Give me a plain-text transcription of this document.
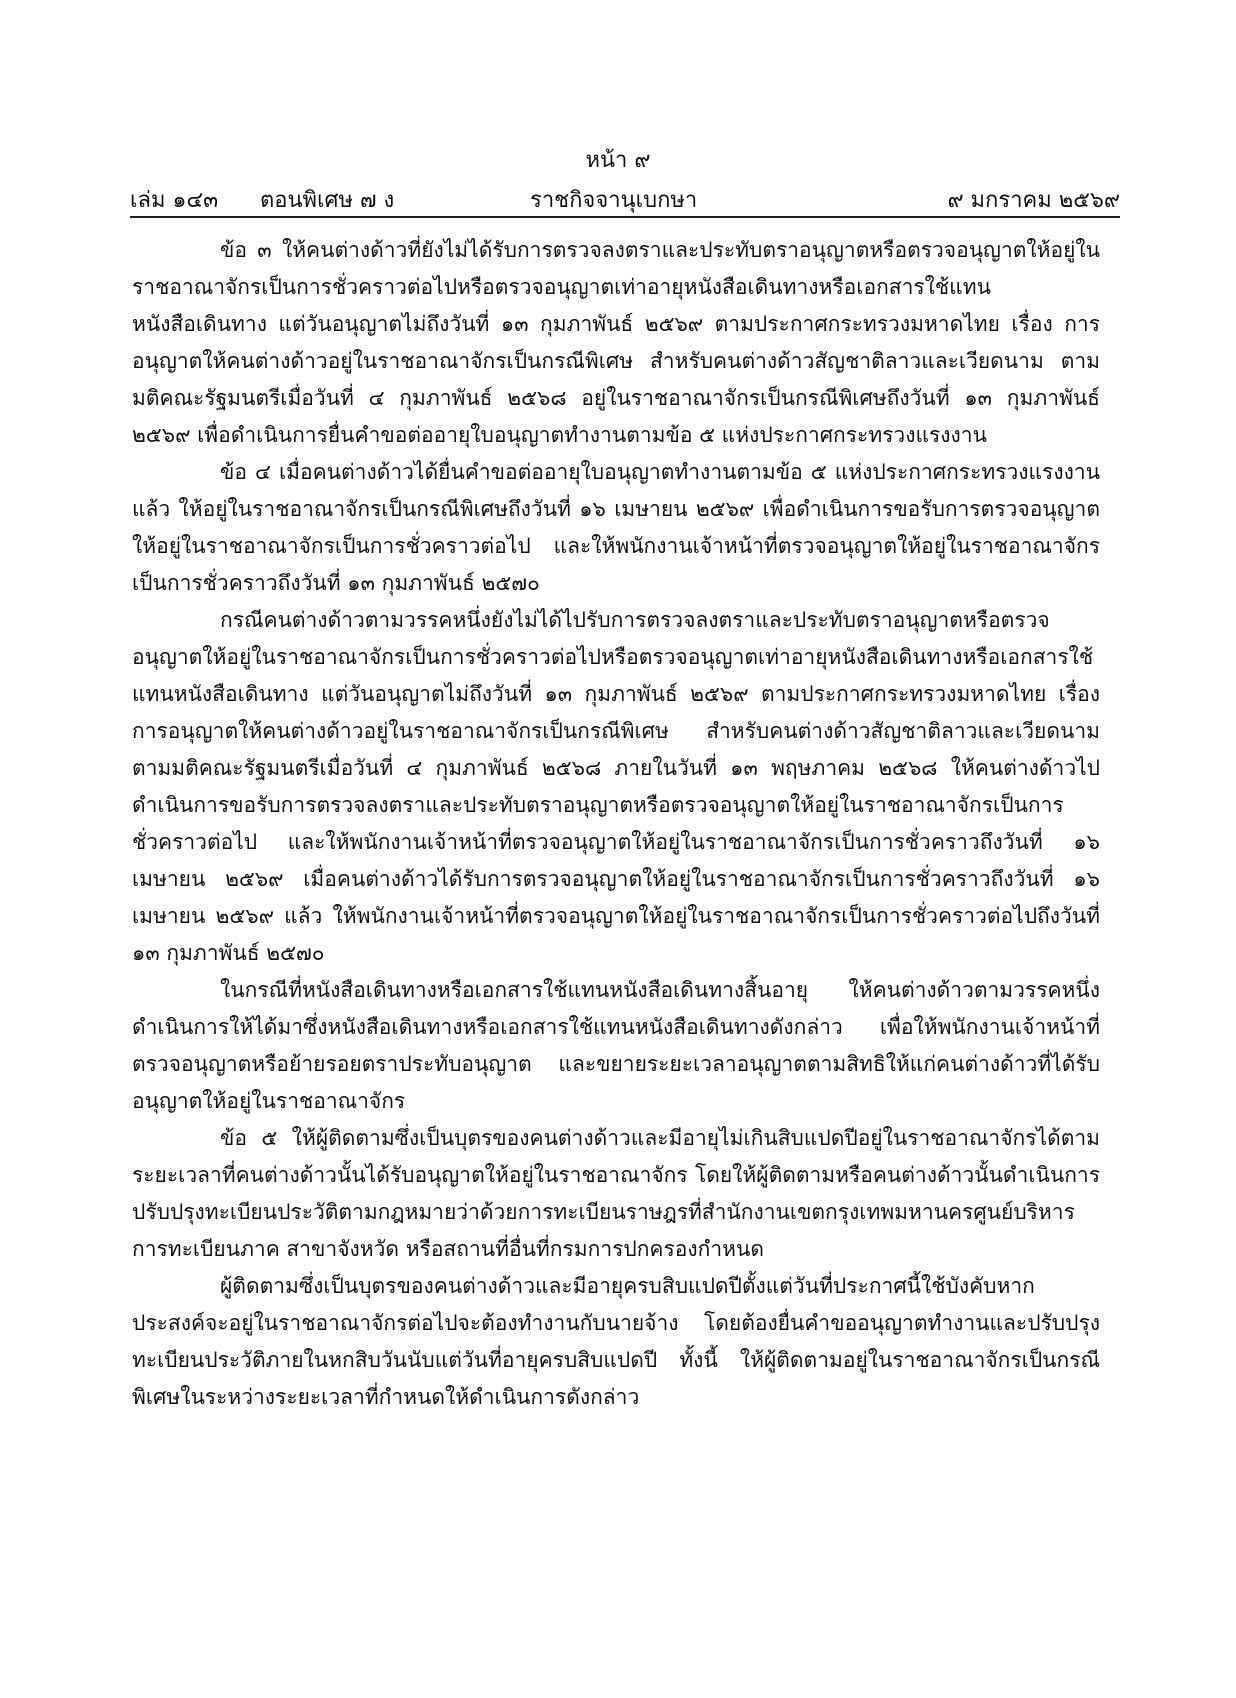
หน้า ๙
เล่ม ๑๔๓ ตอนพิเศษ ๗ ง	ราชกิจจานุเบกษา	๙ มกราคม ๒๕๖๙

ข้อ ๓ ให้คนต่างด้าวที่ยังไม่ได้รับการตรวจลงตราและประทับตราอนุญาตหรือตรวจอนุญาตให้อยู่ในราชอาณาจักรเป็นการชั่วคราวต่อไปหรือตรวจอนุญาตเท่าอายุหนังสือเดินทางหรือเอกสารใช้แทนหนังสือเดินทาง แต่วันอนุญาตไม่ถึงวันที่ ๑๓ กุมภาพันธ์ ๒๕๖๙ ตามประกาศกระทรวงมหาดไทย เรื่อง การอนุญาตให้คนต่างด้าวอยู่ในราชอาณาจักรเป็นกรณีพิเศษ สำหรับคนต่างด้าวสัญชาติลาวและเวียดนาม ตามมติคณะรัฐมนตรีเมื่อวันที่ ๔ กุมภาพันธ์ ๒๕๖๘ อยู่ในราชอาณาจักรเป็นกรณีพิเศษถึงวันที่ ๑๓ กุมภาพันธ์ ๒๕๖๙ เพื่อดำเนินการยื่นคำขอต่ออายุใบอนุญาตทำงานตามข้อ ๕ แห่งประกาศกระทรวงแรงงาน

ข้อ ๔ เมื่อคนต่างด้าวได้ยื่นคำขอต่ออายุใบอนุญาตทำงานตามข้อ ๕ แห่งประกาศกระทรวงแรงงานแล้ว ให้อยู่ในราชอาณาจักรเป็นกรณีพิเศษถึงวันที่ ๑๖ เมษายน ๒๕๖๙ เพื่อดำเนินการขอรับการตรวจอนุญาตให้อยู่ในราชอาณาจักรเป็นการชั่วคราวต่อไป และให้พนักงานเจ้าหน้าที่ตรวจอนุญาตให้อยู่ในราชอาณาจักรเป็นการชั่วคราวถึงวันที่ ๑๓ กุมภาพันธ์ ๒๕๗๐

กรณีคนต่างด้าวตามวรรคหนึ่งยังไม่ได้ไปรับการตรวจลงตราและประทับตราอนุญาตหรือตรวจอนุญาตให้อยู่ในราชอาณาจักรเป็นการชั่วคราวต่อไปหรือตรวจอนุญาตเท่าอายุหนังสือเดินทางหรือเอกสารใช้แทนหนังสือเดินทาง แต่วันอนุญาตไม่ถึงวันที่ ๑๓ กุมภาพันธ์ ๒๕๖๙ ตามประกาศกระทรวงมหาดไทย เรื่อง การอนุญาตให้คนต่างด้าวอยู่ในราชอาณาจักรเป็นกรณีพิเศษ สำหรับคนต่างด้าวสัญชาติลาวและเวียดนาม ตามมติคณะรัฐมนตรีเมื่อวันที่ ๔ กุมภาพันธ์ ๒๕๖๘ ภายในวันที่ ๑๓ พฤษภาคม ๒๕๖๘ ให้คนต่างด้าวไปดำเนินการขอรับการตรวจลงตราและประทับตราอนุญาตหรือตรวจอนุญาตให้อยู่ในราชอาณาจักรเป็นการชั่วคราวต่อไป และให้พนักงานเจ้าหน้าที่ตรวจอนุญาตให้อยู่ในราชอาณาจักรเป็นการชั่วคราวถึงวันที่ ๑๖ เมษายน ๒๕๖๙ เมื่อคนต่างด้าวได้รับการตรวจอนุญาตให้อยู่ในราชอาณาจักรเป็นการชั่วคราวถึงวันที่ ๑๖ เมษายน ๒๕๖๙ แล้ว ให้พนักงานเจ้าหน้าที่ตรวจอนุญาตให้อยู่ในราชอาณาจักรเป็นการชั่วคราวต่อไปถึงวันที่ ๑๓ กุมภาพันธ์ ๒๕๗๐

ในกรณีที่หนังสือเดินทางหรือเอกสารใช้แทนหนังสือเดินทางสิ้นอายุ ให้คนต่างด้าวตามวรรคหนึ่งดำเนินการให้ได้มาซึ่งหนังสือเดินทางหรือเอกสารใช้แทนหนังสือเดินทางดังกล่าว เพื่อให้พนักงานเจ้าหน้าที่ตรวจอนุญาตหรือย้ายรอยตราประทับอนุญาต และขยายระยะเวลาอนุญาตตามสิทธิให้แก่คนต่างด้าวที่ได้รับอนุญาตให้อยู่ในราชอาณาจักร

ข้อ ๕ ให้ผู้ติดตามซึ่งเป็นบุตรของคนต่างด้าวและมีอายุไม่เกินสิบแปดปีอยู่ในราชอาณาจักรได้ตามระยะเวลาที่คนต่างด้าวนั้นได้รับอนุญาตให้อยู่ในราชอาณาจักร โดยให้ผู้ติดตามหรือคนต่างด้าวนั้นดำเนินการปรับปรุงทะเบียนประวัติตามกฎหมายว่าด้วยการทะเบียนราษฎรที่สำนักงานเขตกรุงเทพมหานครศูนย์บริหารการทะเบียนภาค สาขาจังหวัด หรือสถานที่อื่นที่กรมการปกครองกำหนด

ผู้ติดตามซึ่งเป็นบุตรของคนต่างด้าวและมีอายุครบสิบแปดปีตั้งแต่วันที่ประกาศนี้ใช้บังคับหากประสงค์จะอยู่ในราชอาณาจักรต่อไปจะต้องทำงานกับนายจ้าง โดยต้องยื่นคำขออนุญาตทำงานและปรับปรุงทะเบียนประวัติภายในหกสิบวันนับแต่วันที่อายุครบสิบแปดปี ทั้งนี้ ให้ผู้ติดตามอยู่ในราชอาณาจักรเป็นกรณีพิเศษในระหว่างระยะเวลาที่กำหนดให้ดำเนินการดังกล่าว
